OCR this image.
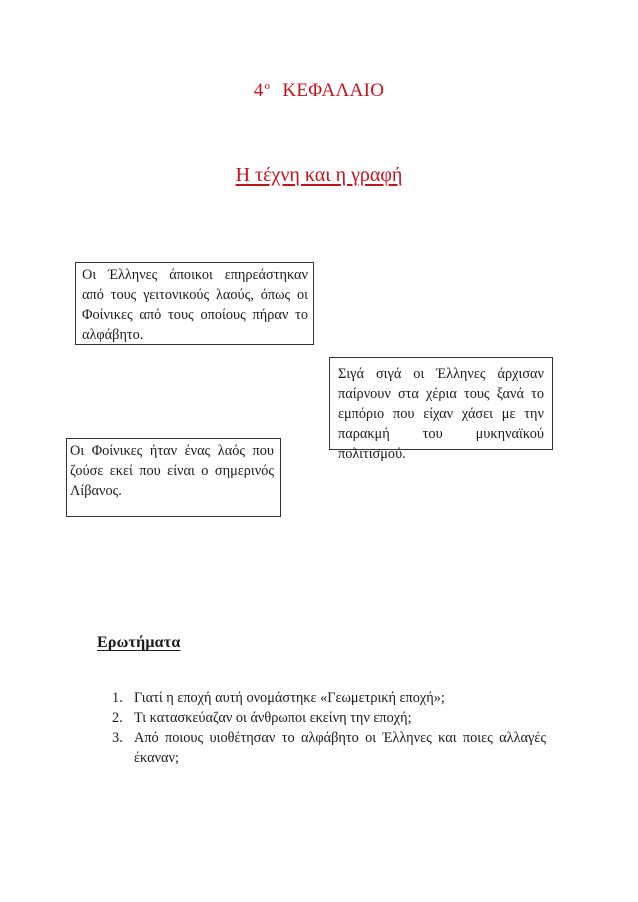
$4^o$ ΚΕΦΑΛΑΙΟ
Η τέχνη και η γραφή
Οι Έλληνες άποικοι επηρεάστηκαν από τους γειτονικούς λαούς, όπως οι Φοίνικες από τους οποίους πήραν το αλφάβητο.
Σιγά σιγά οι Έλληνες άρχισαν παίρνουν στα χέρια τους ξανά το εμπόριο που είχαν χάσει με την παρακμή του μυκηναϊκού πολιτισμού.
Οι Φοίνικες ήταν ένας λαός που ζούσε εκεί που είναι ο σημερινός Λίβανος.
Ερωτήματα
1. Γιατί η εποχή αυτή ονομάστηκε «Γεωμετρική εποχή»;
2. Τι κατασκεύαζαν οι άνθρωποι εκείνη την εποχή;
3. Από ποιους υιοθέτησαν το αλφάβητο οι Έλληνες και ποιες αλλαγές έκαναν;
